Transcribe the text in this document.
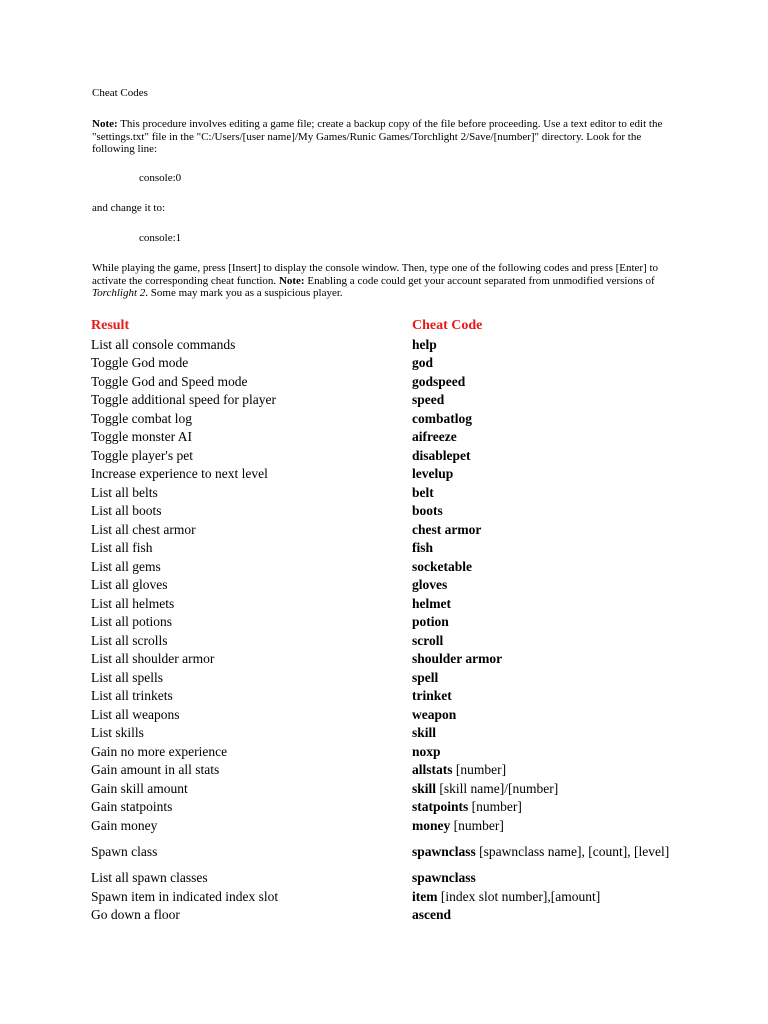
Cheat Codes
Note: This procedure involves editing a game file; create a backup copy of the file before proceeding. Use a text editor to edit the "settings.txt" file in the "C:/Users/[user name]/My Games/Runic Games/Torchlight 2/Save/[number]" directory. Look for the following line:
console:0
and change it to:
console:1
While playing the game, press [Insert] to display the console window. Then, type one of the following codes and press [Enter] to activate the corresponding cheat function. Note: Enabling a code could get your account separated from unmodified versions of Torchlight 2. Some may mark you as a suspicious player.
Result	Cheat Code
List all console commands	help
Toggle God mode	god
Toggle God and Speed mode	godspeed
Toggle additional speed for player	speed
Toggle combat log	combatlog
Toggle monster AI	aifreeze
Toggle player's pet	disablepet
Increase experience to next level	levelup
List all belts	belt
List all boots	boots
List all chest armor	chest armor
List all fish	fish
List all gems	socketable
List all gloves	gloves
List all helmets	helmet
List all potions	potion
List all scrolls	scroll
List all shoulder armor	shoulder armor
List all spells	spell
List all trinkets	trinket
List all weapons	weapon
List skills	skill
Gain no more experience	noxp
Gain amount in all stats	allstats [number]
Gain skill amount	skill [skill name]/[number]
Gain statpoints	statpoints [number]
Gain money	money [number]
Spawn class	spawnclass [spawnclass name], [count], [level]
List all spawn classes	spawnclass
Spawn item in indicated index slot	item [index slot number],[amount]
Go down a floor	ascend
